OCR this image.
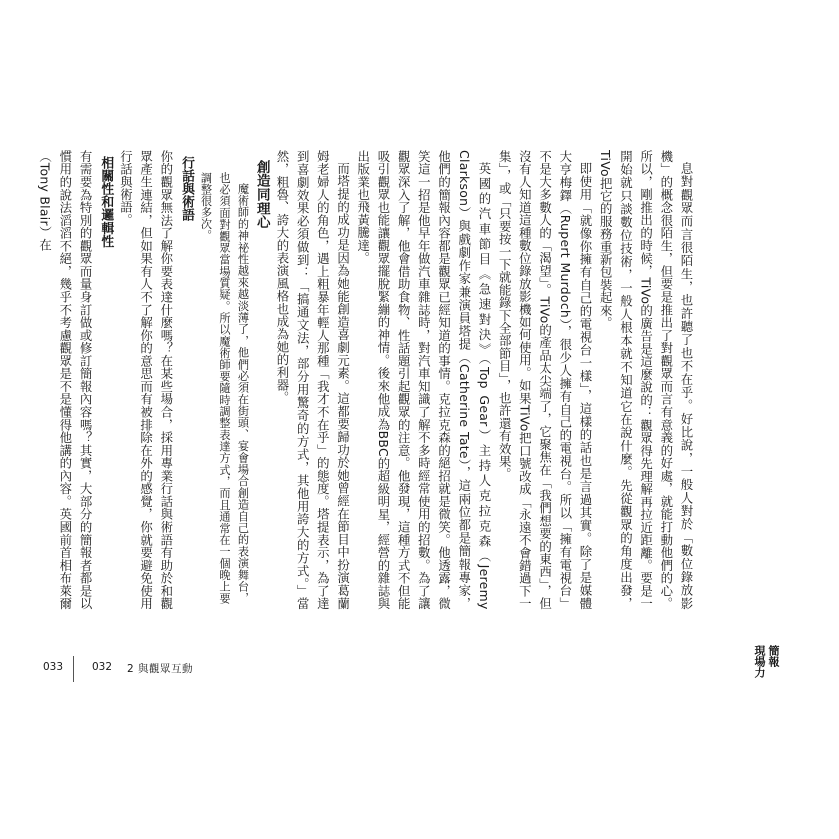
簡報
現場力

息對觀眾而言很陌生，也許聽了也不在乎。好比說，一般人對於「數位錄放影機」的概念很陌生，但要是推出了對觀眾而言有意義的好處，就能打動他們的心。所以，剛推出的時候，TiVo的廣告是這麼說的：觀眾得先理解再拉近距離。要是一開始就只談數位技術，一般人根本就不知道它在說什麼。先從觀眾的角度出發，TiVo把它的服務重新包裝起來。

即使用「就像你擁有自己的電視台一樣」，這樣的話也是言過其實。除了是媒體大亨梅鐸（Rupert Murdoch），很少人擁有自己的電視台。所以「擁有電視台」不是大多數人的「渴望」。TiVo的產品太尖端了，它聚焦在「我們想要的東西」，但沒有人知道這種數位錄放影機如何使用。如果TiVo把口號改成「永遠不會錯過下一集」，或「只要按一下就能錄下全部節目」，也許還有效果。

英國的汽車節目《急速對決》（Top Gear）主持人克拉克森（Jeremy Clarkson）與戲劇作家兼演員塔提（Catherine Tate），這兩位都是簡報專家，他們的簡報內容都是觀眾已經知道的事情。克拉克森的絕招就是微笑。他透露，微笑這一招是他早年做汽車雜誌時，對汽車知識了解不多時經常使用的招數。為了讓觀眾深入了解，他會借助食物、性話題引起觀眾的注意。他發現，這種方式不但能吸引觀眾也能讓觀眾擺脫緊繃的神情。後來他成為BBC的超級明星，經營的雜誌與出版業也飛黃騰達。

而塔提的成功是因為她能創造喜劇元素。這都要歸功於她曾經在節目中扮演葛蘭姆老婦人的角色，遇上粗暴年輕人那種「我才不在乎」的態度。塔提表示，為了達到喜劇效果必須做到：「搞通文法，部分用驚奇的方式，其他用誇大的方式。」當然，粗魯、誇大的表演風格也成為她的利器。

創造同理心

魔術師的神祕性越來越淡薄了，他們必須在街頭、宴會場合創造自己的表演舞台，也必須面對觀眾當場質疑。所以魔術師要隨時調整表達方式，而且通常在一個晚上要調整很多次。

行話與術語

你的觀眾無法了解你要表達什麼嗎？在某些場合，採用專業行話與術語有助於和觀眾產生連結，但如果有人不了解你的意思而有被排除在外的感覺，你就要避免使用行話與術語。

相關性和邏輯性

有需要為特別的觀眾而量身訂做或修訂簡報內容嗎？其實，大部分的簡報者都是以慣用的說法滔滔不絕，幾乎不考慮觀眾是不是懂得他講的內容。英國前首相布萊爾（Tony Blair）在

033	032 2 與觀眾互動
